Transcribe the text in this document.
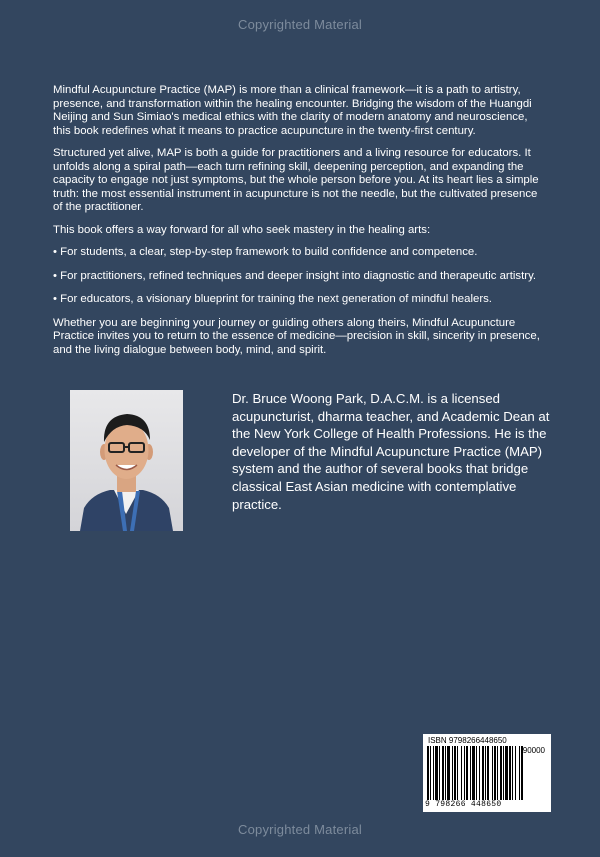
Copyrighted Material

Mindful Acupuncture Practice (MAP) is more than a clinical framework—it is a path to artistry, presence, and transformation within the healing encounter. Bridging the wisdom of the Huangdi Neijing and Sun Simiao's medical ethics with the clarity of modern anatomy and neuroscience, this book redefines what it means to practice acupuncture in the twenty-first century.

Structured yet alive, MAP is both a guide for practitioners and a living resource for educators. It unfolds along a spiral path—each turn refining skill, deepening perception, and expanding the capacity to engage not just symptoms, but the whole person before you. At its heart lies a simple truth: the most essential instrument in acupuncture is not the needle, but the cultivated presence of the practitioner.

This book offers a way forward for all who seek mastery in the healing arts:

• For students, a clear, step-by-step framework to build confidence and competence.

• For practitioners, refined techniques and deeper insight into diagnostic and therapeutic artistry.

• For educators, a visionary blueprint for training the next generation of mindful healers.

Whether you are beginning your journey or guiding others along theirs, Mindful Acupuncture Practice invites you to return to the essence of medicine—precision in skill, sincerity in presence, and the living dialogue between body, mind, and spirit.

Dr. Bruce Woong Park, D.A.C.M. is a licensed acupuncturist, dharma teacher, and Academic Dean at the New York College of Health Professions. He is the developer of the Mindful Acupuncture Practice (MAP) system and the author of several books that bridge classical East Asian medicine with contemplative practice.
ISBN 9798266448650
90000
9 798266 448650
Copyrighted Material
